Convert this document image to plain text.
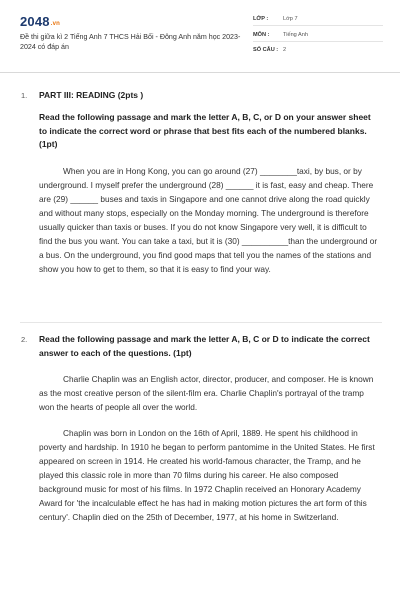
2048.vn
Đề thi giữa kì 2 Tiếng Anh 7 THCS Hải Bối - Đông Anh năm học 2023-2024 có đáp án
LỚP :	Lớp 7
MÔN : Tiếng Anh
SỐ CÂU : 2
1. PART III: READING (2pts )
Read the following passage and mark the letter A, B, C, or D on your answer sheet to indicate the correct word or phrase that best fits each of the numbered blanks. (1pt)
When you are in Hong Kong, you can go around (27) ________taxi, by bus, or by underground. I myself prefer the underground (28) ______ it is fast, easy and cheap. There are (29) ______ buses and taxis in Singapore and one cannot drive along the road quickly and without many stops, especially on the Monday morning. The underground is therefore usually quicker than taxis or buses. If you do not know Singapore very well, it is difficult to find the bus you want. You can take a taxi, but it is (30) __________than the underground or a bus. On the underground, you find good maps that tell you the names of the stations and show you how to get to them, so that it is easy to find your way.
2. Read the following passage and mark the letter A, B, C or D to indicate the correct answer to each of the questions. (1pt)
Charlie Chaplin was an English actor, director, producer, and composer. He is known as the most creative person of the silent-film era. Charlie Chaplin's portrayal of the tramp won the hearts of people all over the world.
Chaplin was born in London on the 16th of April, 1889. He spent his childhood in poverty and hardship. In 1910 he began to perform pantomime in the United States. He first appeared on screen in 1914. He created his world-famous character, the Tramp, and he played this classic role in more than 70 films during his career. He also composed background music for most of his films. In 1972 Chaplin received an Honorary Academy Award for 'the incalculable effect he has had in making motion pictures the art form of this century'. Chaplin died on the 25th of December, 1977, at his home in Switzerland.
